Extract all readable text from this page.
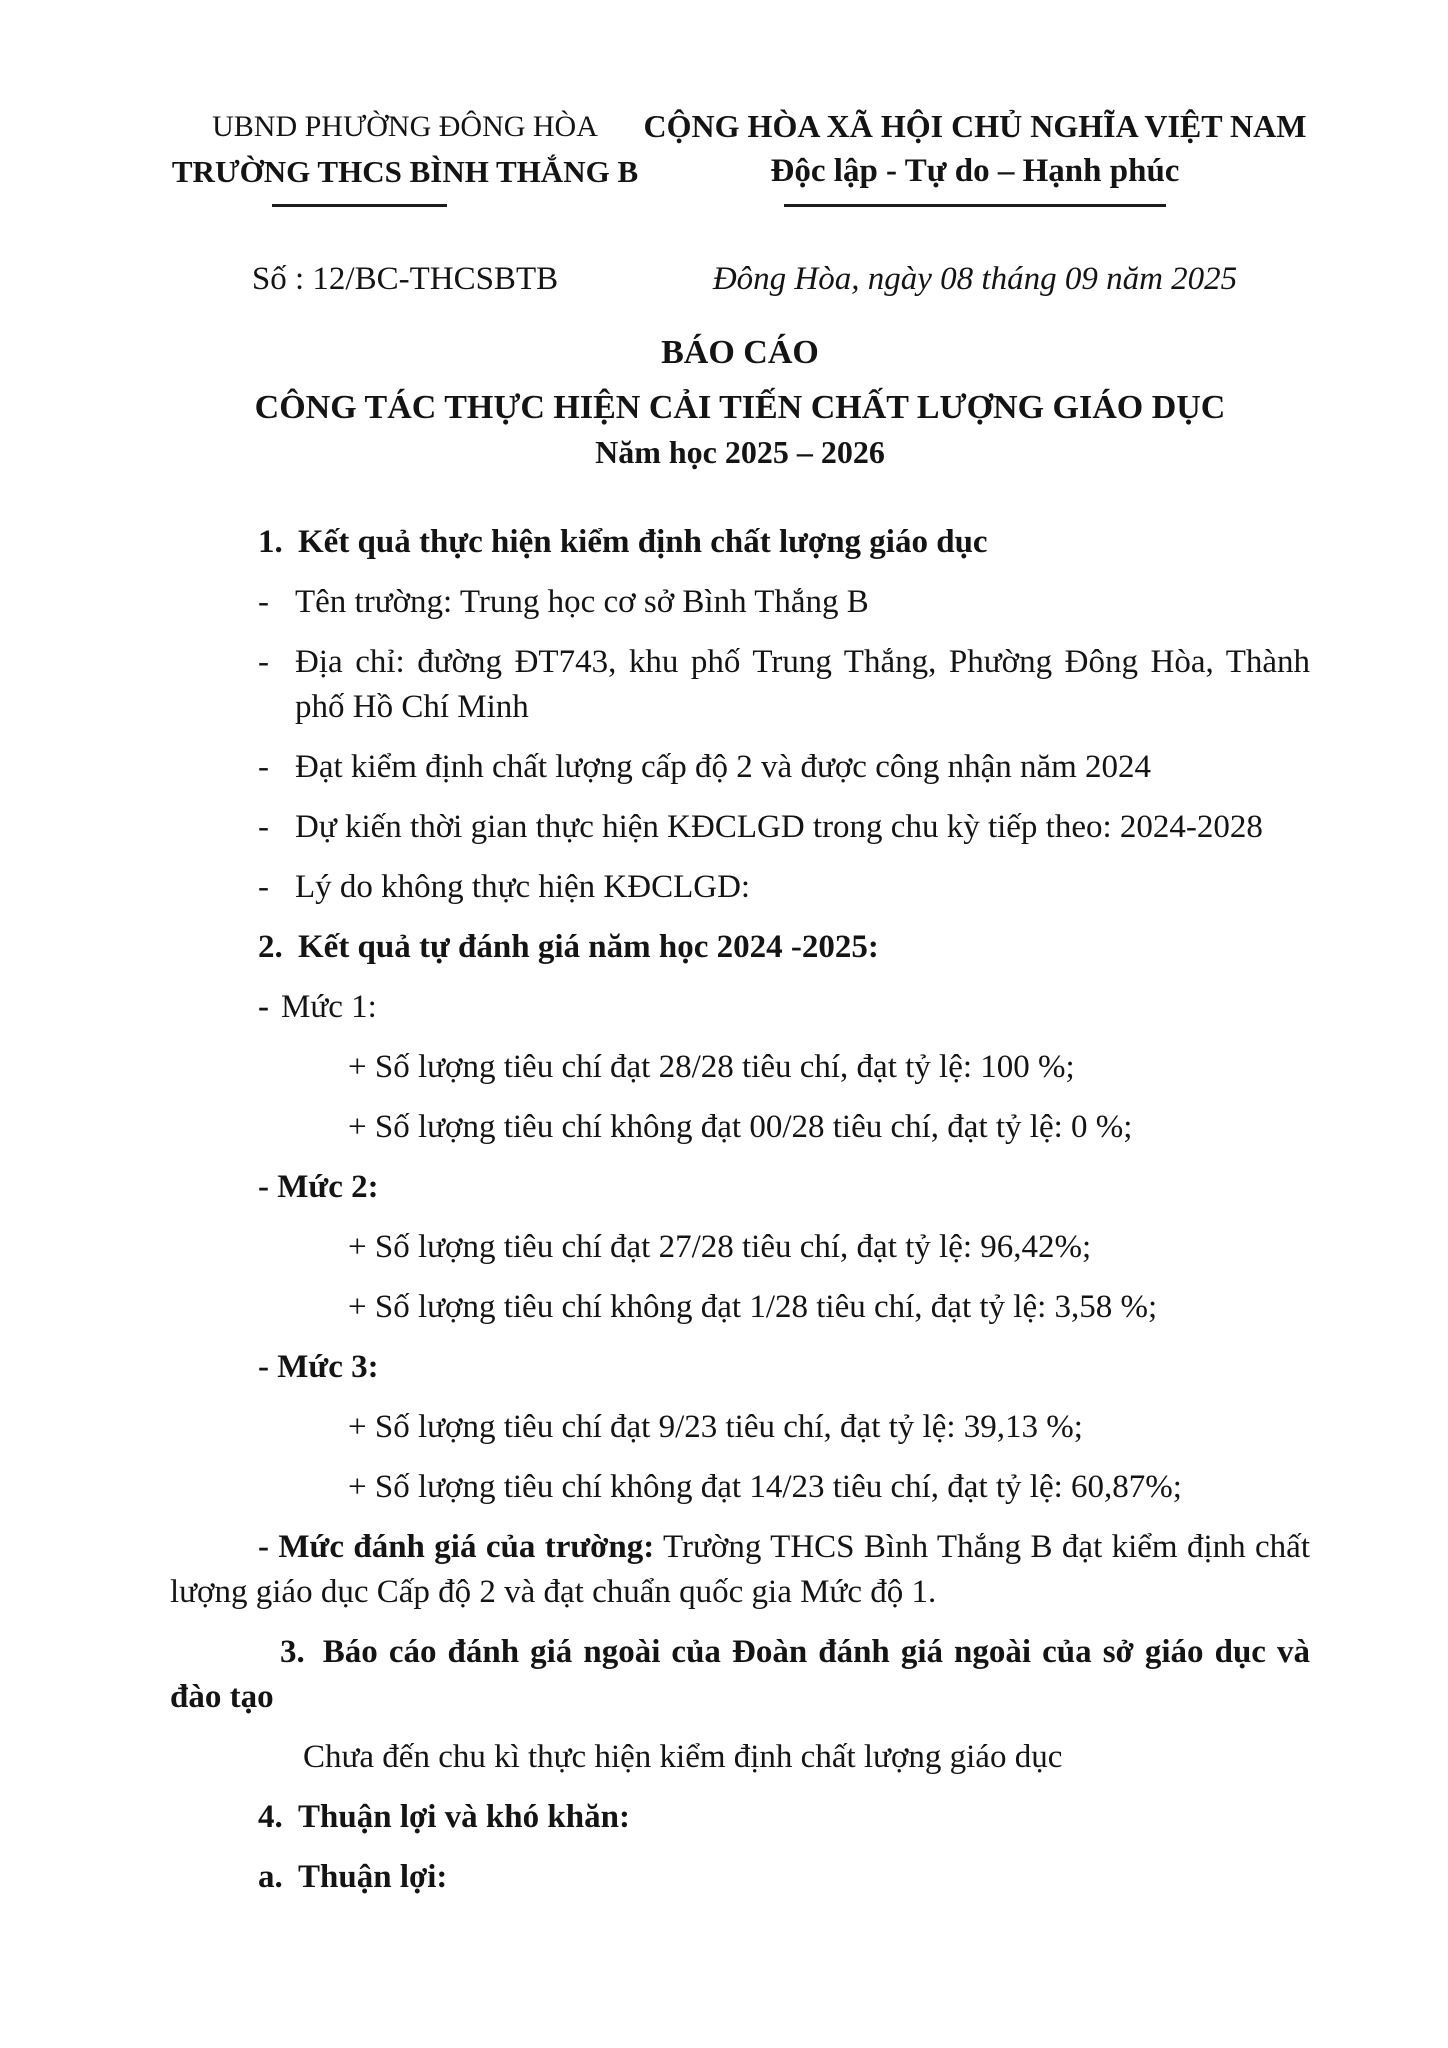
UBND PHƯỜNG ĐÔNG HÒA
TRƯỜNG THCS BÌNH THẮNG B
CỘNG HÒA XÃ HỘI CHỦ NGHĨA VIỆT NAM
Độc lập - Tự do – Hạnh phúc
Số : 12/BC-THCSBTB	Đông Hòa, ngày 08 tháng 09 năm 2025
BÁO CÁO
CÔNG TÁC THỰC HIỆN CẢI TIẾN CHẤT LƯỢNG GIÁO DỤC
Năm học 2025 – 2026

1. Kết quả thực hiện kiểm định chất lượng giáo dục

- Tên trường: Trung học cơ sở Bình Thắng B

- Địa chỉ: đường ĐT743, khu phố Trung Thắng, Phường Đông Hòa, Thành phố Hồ Chí Minh

- Đạt kiểm định chất lượng cấp độ 2 và được công nhận năm 2024

- Dự kiến thời gian thực hiện KĐCLGD trong chu kỳ tiếp theo: 2024-2028

- Lý do không thực hiện KĐCLGD:

2. Kết quả tự đánh giá năm học 2024 -2025:

- Mức 1:

+ Số lượng tiêu chí đạt 28/28 tiêu chí, đạt tỷ lệ: 100 %;

+ Số lượng tiêu chí không đạt 00/28 tiêu chí, đạt tỷ lệ: 0 %;

- Mức 2:

+ Số lượng tiêu chí đạt 27/28 tiêu chí, đạt tỷ lệ: 96,42%;

+ Số lượng tiêu chí không đạt 1/28 tiêu chí, đạt tỷ lệ: 3,58 %;

- Mức 3:

+ Số lượng tiêu chí đạt 9/23 tiêu chí, đạt tỷ lệ: 39,13 %;

+ Số lượng tiêu chí không đạt 14/23 tiêu chí, đạt tỷ lệ: 60,87%;

- Mức đánh giá của trường: Trường THCS Bình Thắng B đạt kiểm định chất lượng giáo dục Cấp độ 2 và đạt chuẩn quốc gia Mức độ 1.

3. Báo cáo đánh giá ngoài của Đoàn đánh giá ngoài của sở giáo dục và đào tạo

Chưa đến chu kì thực hiện kiểm định chất lượng giáo dục

4. Thuận lợi và khó khăn:

a. Thuận lợi:
